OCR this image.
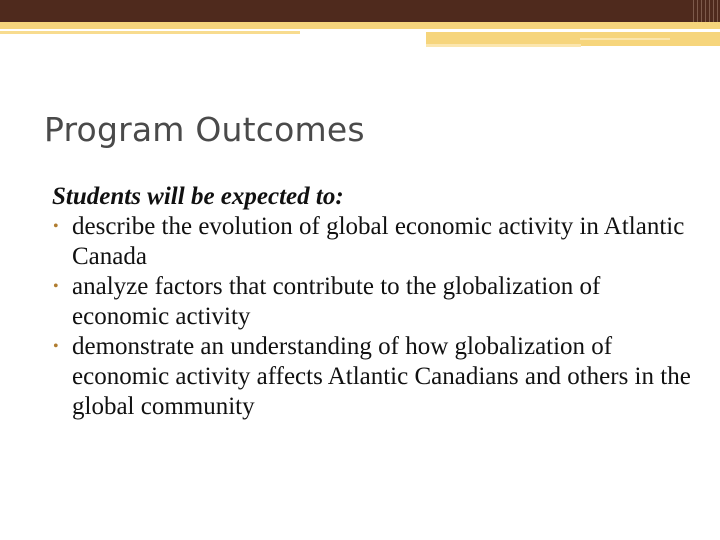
Program Outcomes

Students will be expected to:

• describe the evolution of global economic activity in Atlantic Canada
• analyze factors that contribute to the globalization of economic activity
• demonstrate an understanding of how globalization of economic activity affects Atlantic Canadians and others in the global community
